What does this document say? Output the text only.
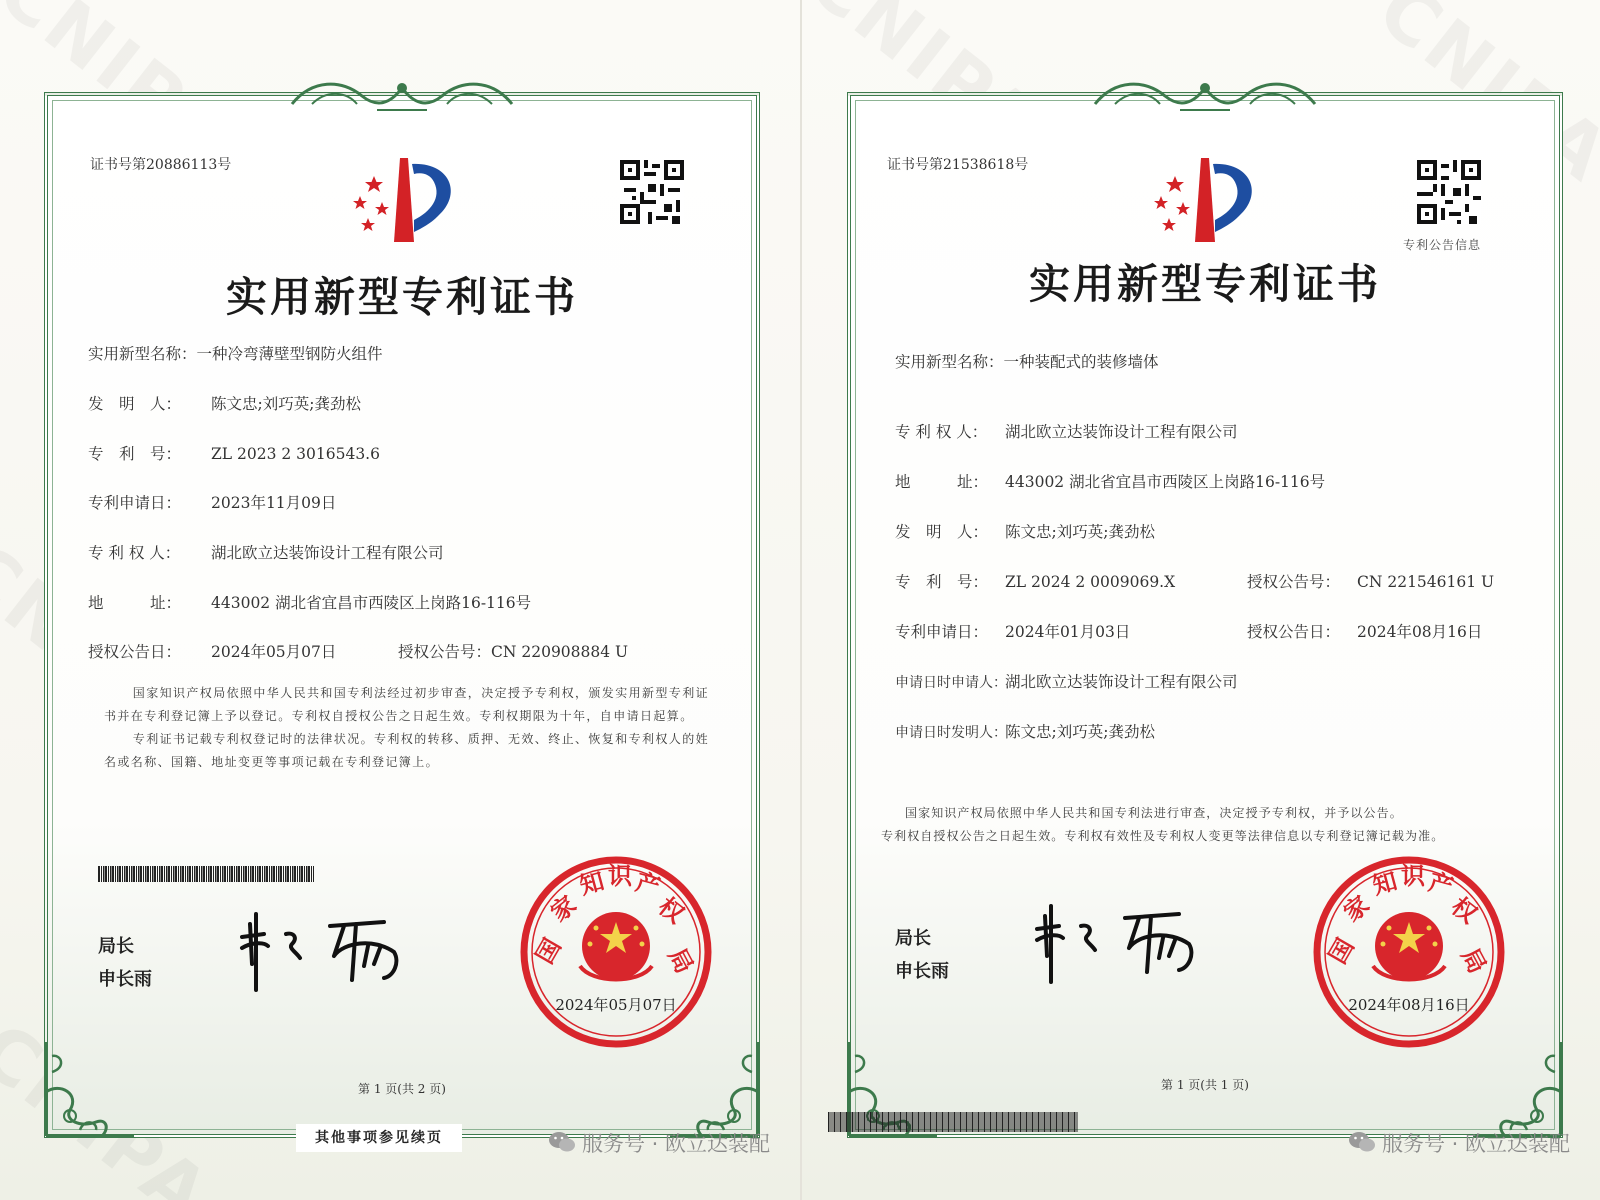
证书号第20886113号
实用新型专利证书
实用新型名称：一种冷弯薄壁型钢防火组件
发　明　人： 陈文忠;刘巧英;龚劲松
专　利　号： ZL 2023 2 3016543.6
专利申请日： 2023年11月09日
专 利 权 人： 湖北欧立达装饰设计工程有限公司
地　　　址： 443002 湖北省宜昌市西陵区上岗路16-116号
授权公告日： 2024年05月07日	授权公告号：CN 220908884 U

国家知识产权局依照中华人民共和国专利法经过初步审查，决定授予专利权，颁发实用新型专利证书并在专利登记簿上予以登记。专利权自授权公告之日起生效。专利权期限为十年，自申请日起算。

专利证书记载专利权登记时的法律状况。专利权的转移、质押、无效、终止、恢复和专利权人的姓名或名称、国籍、地址变更等事项记载在专利登记簿上。

局长
申长雨
国
家
知 识 产
权
局
2024年05月07日
第 1 页(共 2 页)
其他事项参见续页	服务号 · 欧立达装配
证书号第21538618号
专利公告信息
实用新型专利证书
实用新型名称：一种装配式的装修墙体
专 利 权 人： 湖北欧立达装饰设计工程有限公司
地　　　址： 443002 湖北省宜昌市西陵区上岗路16-116号
发　明　人： 陈文忠;刘巧英;龚劲松
专　利　号： ZL 2024 2 0009069.X	授权公告号： CN 221546161 U
专利申请日： 2024年01月03日	授权公告日： 2024年08月16日
申请日时申请人：湖北欧立达装饰设计工程有限公司
申请日时发明人：陈文忠;刘巧英;龚劲松

国家知识产权局依照中华人民共和国专利法进行审查，决定授予专利权，并予以公告。

专利权自授权公告之日起生效。专利权有效性及专利权人变更等法律信息以专利登记簿记载为准。

局长
申长雨
国
家
知 识 产
权
局
2024年08月16日
第 1 页(共 1 页)
服务号 · 欧立达装配
